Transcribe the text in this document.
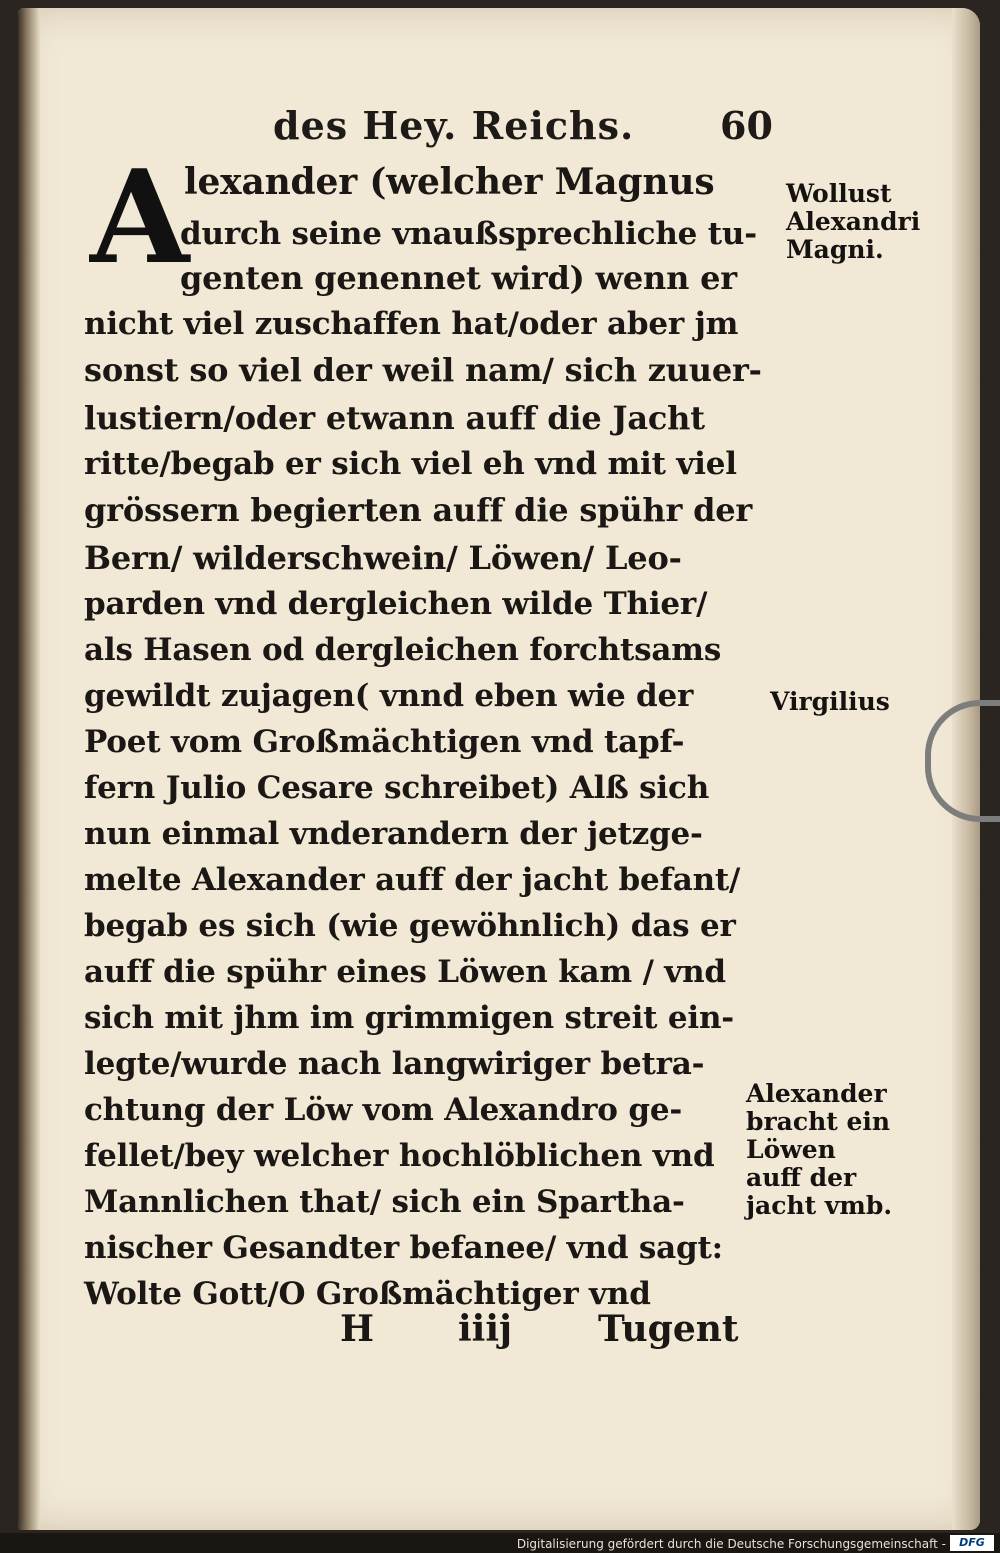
des Hey. Reichs. 60
A
lexander (welcher Magnus
durch seine vnaußsprechliche tu-
genten genennet wird) wenn er
nicht viel zuschaffen hat/oder aber jm
sonst so viel der weil nam/ sich zuuer-
lustiern/oder etwann auff die Jacht
ritte/begab er sich viel eh vnd mit viel
grössern begierten auff die spühr der
Bern/ wilderschwein/ Löwen/ Leo-
parden vnd dergleichen wilde Thier/
als Hasen od dergleichen forchtsams
gewildt zujagen( vnnd eben wie der
Poet vom Großmächtigen vnd tapf-
fern Julio Cesare schreibet) Alß sich
nun einmal vnderandern der jetzge-
melte Alexander auff der jacht befant/
begab es sich (wie gewöhnlich) das er
auff die spühr eines Löwen kam / vnd
sich mit jhm im grimmigen streit ein-
legte/wurde nach langwiriger betra-
chtung der Löw vom Alexandro ge-
fellet/bey welcher hochlöblichen vnd
Mannlichen that/ sich ein Spartha-
nischer Gesandter befanee/ vnd sagt:
Wolte Gott/O Großmächtiger vnd
H iiij Tugent
Wollust
Alexandri
Magni.
Virgilius
Alexander
bracht ein
Löwen
auff der
jacht vmb.
Digitalisierung gefördert durch die Deutsche Forschungsgemeinschaft -	DFG
